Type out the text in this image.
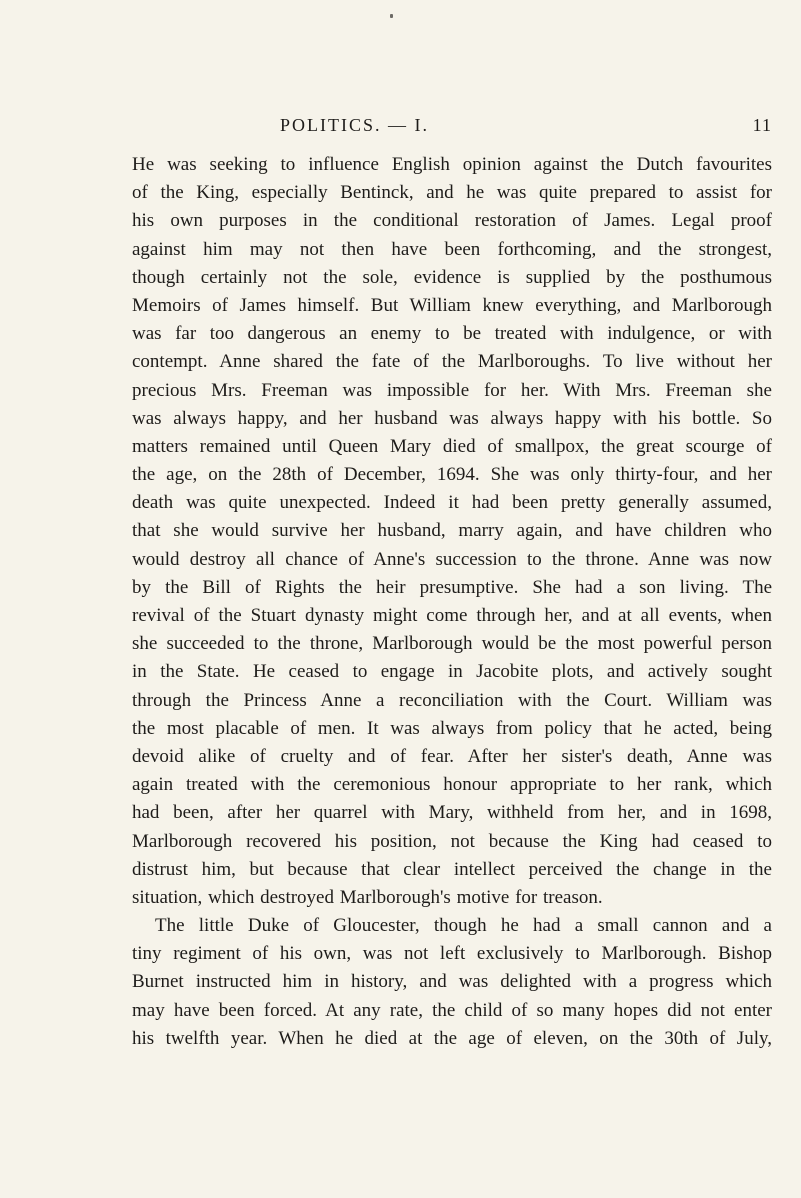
POLITICS. — I.	11
He was seeking to influence English opinion against the Dutch favourites
of the King, especially Bentinck, and he was quite prepared to assist for
his own purposes in the conditional restoration of James. Legal proof
against him may not then have been forthcoming, and the strongest,
though certainly not the sole, evidence is supplied by the posthumous
Memoirs of James himself. But William knew everything, and Marlborough
was far too dangerous an enemy to be treated with indulgence, or with
contempt. Anne shared the fate of the Marlboroughs. To live without her
precious Mrs. Freeman was impossible for her. With Mrs. Freeman she
was always happy, and her husband was always happy with his bottle. So
matters remained until Queen Mary died of smallpox, the great scourge of
the age, on the 28th of December, 1694. She was only thirty-four, and her
death was quite unexpected. Indeed it had been pretty generally assumed,
that she would survive her husband, marry again, and have children who
would destroy all chance of Anne's succession to the throne. Anne was now
by the Bill of Rights the heir presumptive. She had a son living. The
revival of the Stuart dynasty might come through her, and at all events, when
she succeeded to the throne, Marlborough would be the most powerful person
in the State. He ceased to engage in Jacobite plots, and actively sought
through the Princess Anne a reconciliation with the Court. William was
the most placable of men. It was always from policy that he acted, being
devoid alike of cruelty and of fear. After her sister's death, Anne was
again treated with the ceremonious honour appropriate to her rank, which
had been, after her quarrel with Mary, withheld from her, and in 1698,
Marlborough recovered his position, not because the King had ceased to
distrust him, but because that clear intellect perceived the change in the
situation, which destroyed Marlborough's motive for treason.
The little Duke of Gloucester, though he had a small cannon and a
tiny regiment of his own, was not left exclusively to Marlborough. Bishop
Burnet instructed him in history, and was delighted with a progress which
may have been forced. At any rate, the child of so many hopes did not enter
his twelfth year. When he died at the age of eleven, on the 30th of July,
